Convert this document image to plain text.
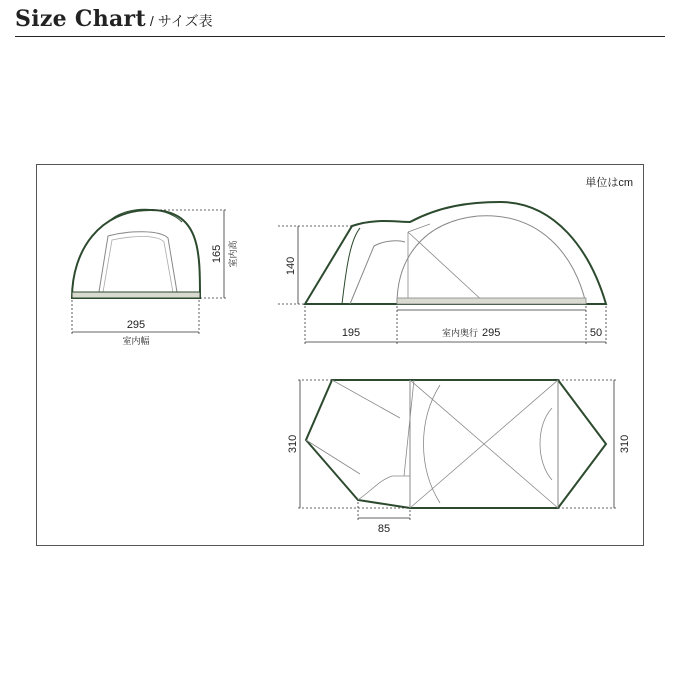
Size Chart / サイズ表
単位はcm
295
室内幅
165 室内高	140
195	室内奥行 295	50
310	310
85
